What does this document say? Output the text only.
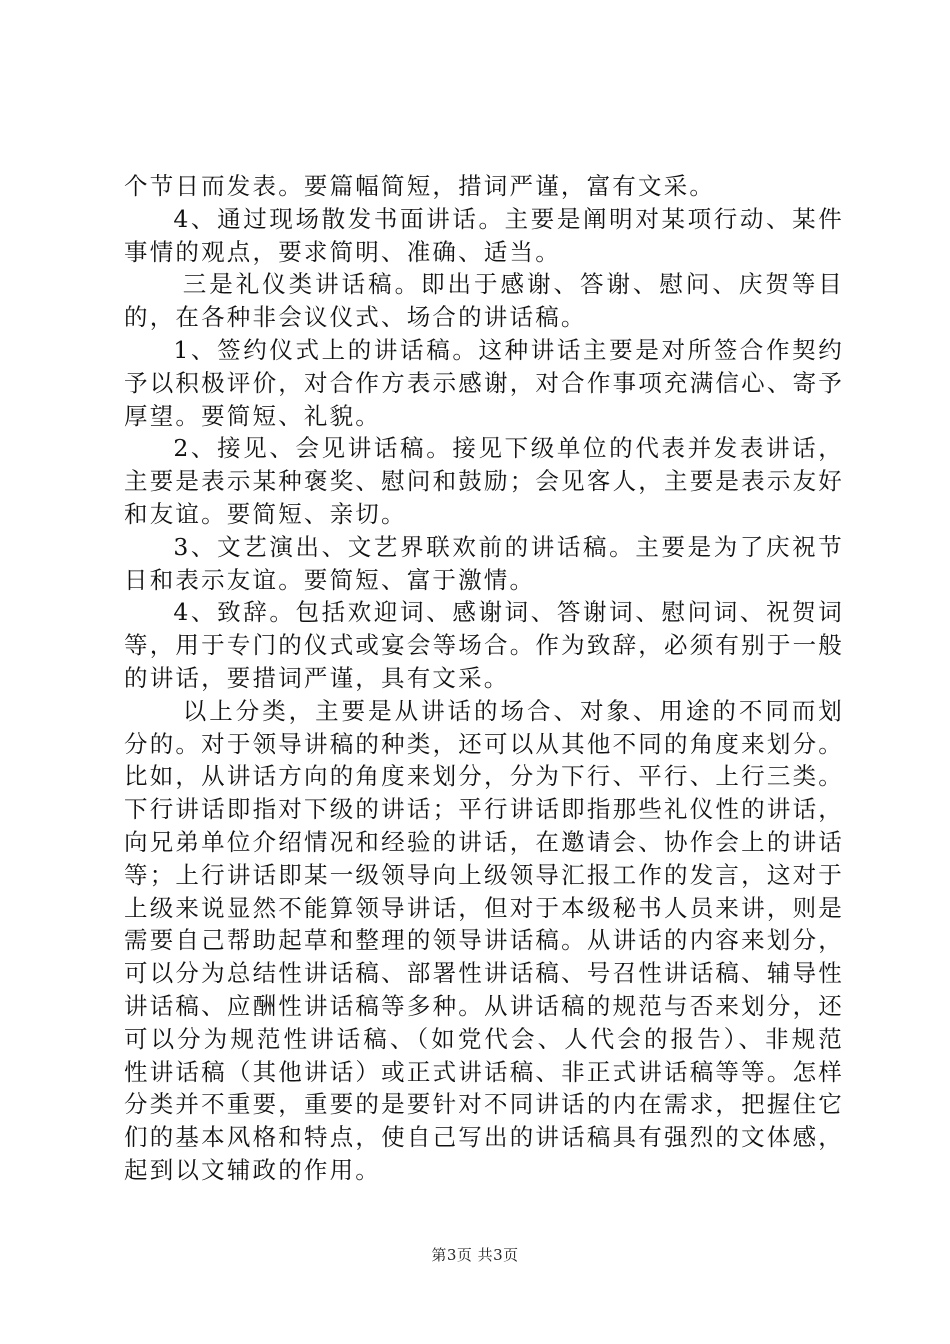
个节日而发表。要篇幅简短，措词严谨，富有文采。

4、通过现场散发书面讲话。主要是阐明对某项行动、某件事情的观点，要求简明、准确、适当。

三是礼仪类讲话稿。即出于感谢、答谢、慰问、庆贺等目的，在各种非会议仪式、场合的讲话稿。

1、签约仪式上的讲话稿。这种讲话主要是对所签合作契约予以积极评价，对合作方表示感谢，对合作事项充满信心、寄予厚望。要简短、礼貌。

2、接见、会见讲话稿。接见下级单位的代表并发表讲话，主要是表示某种褒奖、慰问和鼓励；会见客人，主要是表示友好和友谊。要简短、亲切。

3、文艺演出、文艺界联欢前的讲话稿。主要是为了庆祝节日和表示友谊。要简短、富于激情。

4、致辞。包括欢迎词、感谢词、答谢词、慰问词、祝贺词等，用于专门的仪式或宴会等场合。作为致辞，必须有别于一般的讲话，要措词严谨，具有文采。

以上分类，主要是从讲话的场合、对象、用途的不同而划分的。对于领导讲稿的种类，还可以从其他不同的角度来划分。比如，从讲话方向的角度来划分，分为下行、平行、上行三类。下行讲话即指对下级的讲话；平行讲话即指那些礼仪性的讲话，向兄弟单位介绍情况和经验的讲话，在邀请会、协作会上的讲话等；上行讲话即某一级领导向上级领导汇报工作的发言，这对于上级来说显然不能算领导讲话，但对于本级秘书人员来讲，则是需要自己帮助起草和整理的领导讲话稿。从讲话的内容来划分，可以分为总结性讲话稿、部署性讲话稿、号召性讲话稿、辅导性讲话稿、应酬性讲话稿等多种。从讲话稿的规范与否来划分，还可以分为规范性讲话稿、（如党代会、人代会的报告）、非规范性讲话稿（其他讲话）或正式讲话稿、非正式讲话稿等等。怎样分类并不重要，重要的是要针对不同讲话的内在需求，把握住它们的基本风格和特点，使自己写出的讲话稿具有强烈的文体感，起到以文辅政的作用。

第3页 共3页
